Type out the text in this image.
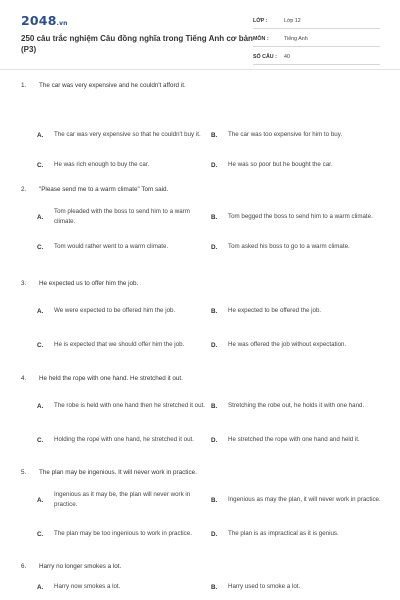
2048.vn
250 câu trắc nghiệm Câu đồng nghĩa trong Tiếng Anh cơ bản (P3)
LỚP :	Lớp 12
MÔN :	Tiếng Anh
SỐ CÂU : 40
1. The car was very expensive and he couldn't afford it.
A.	The car was very expensive so that he couldn't buy it. B.	The car was too expensive for him to buy.
C.	He was rich enough to buy the car.	D.	He was so poor but he bought the car.
2. "Please send me to a warm climate" Tom said.
A.
Tom pleaded with the boss to send him to a warm climate.
B.	Tom begged the boss to send him to a warm climate.
C.	Tom would rather went to a warm climate.	D.	Tom asked his boss to go to a warm climate.
3. He expected us to offer him the job.
A.	We were expected to be offered him the job.	B.	He expected to be offered the job.
C.	He is expected that we should offer him the job.	D.	He was offered the job without expectation.
4. He held the rope with one hand. He stretched it out.
A.	The robe is held with one hand then he stretched it out. B.	Stretching the robe out, he holds it with one hand.
C.	Holding the rope with one hand, he stretched it out.	D.	He stretched the rope with one hand and held it.
5. The plan may be ingenious. It will never work in practice.
A.
Ingenious as it may be, the plan will never work in practice.
B.	Ingenious as may the plan, it will never work in practice.
C.	The plan may be too ingenious to work in practice.	D.	The plan is as impractical as it is genius.
6. Harry no longer smokes a lot.
A.	Harry now smokes a lot.	B.	Harry used to smoke a lot.
